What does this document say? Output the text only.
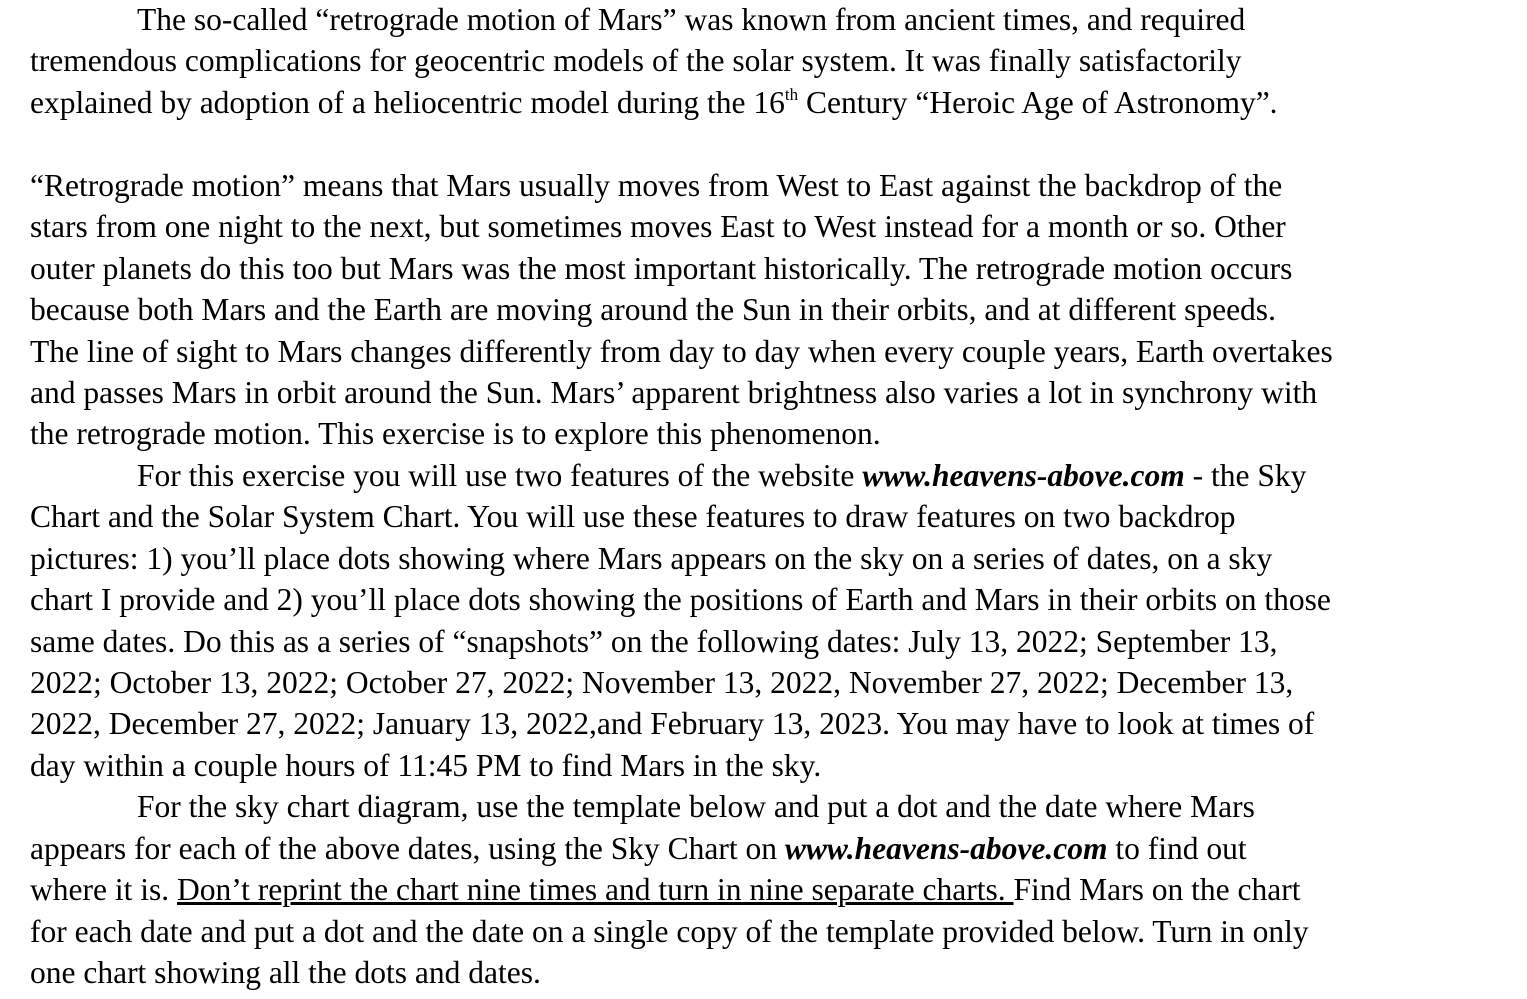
The so-called “retrograde motion of Mars” was known from ancient times, and required
tremendous complications for geocentric models of the solar system. It was finally satisfactorily
explained by adoption of a heliocentric model during the 16th Century “Heroic Age of Astronomy”.

“Retrograde motion” means that Mars usually moves from West to East against the backdrop of the
stars from one night to the next, but sometimes moves East to West instead for a month or so. Other
outer planets do this too but Mars was the most important historically. The retrograde motion occurs
because both Mars and the Earth are moving around the Sun in their orbits, and at different speeds.
The line of sight to Mars changes differently from day to day when every couple years, Earth overtakes
and passes Mars in orbit around the Sun. Mars’ apparent brightness also varies a lot in synchrony with
the retrograde motion. This exercise is to explore this phenomenon.
For this exercise you will use two features of the website www.heavens-above.com - the Sky
Chart and the Solar System Chart. You will use these features to draw features on two backdrop
pictures: 1) you’ll place dots showing where Mars appears on the sky on a series of dates, on a sky
chart I provide and 2) you’ll place dots showing the positions of Earth and Mars in their orbits on those
same dates. Do this as a series of “snapshots” on the following dates: July 13, 2022; September 13,
2022; October 13, 2022; October 27, 2022; November 13, 2022, November 27, 2022; December 13,
2022, December 27, 2022; January 13, 2022,and February 13, 2023. You may have to look at times of
day within a couple hours of 11:45 PM to find Mars in the sky.
For the sky chart diagram, use the template below and put a dot and the date where Mars
appears for each of the above dates, using the Sky Chart on www.heavens-above.com to find out
where it is. Don’t reprint the chart nine times and turn in nine separate charts. Find Mars on the chart
for each date and put a dot and the date on a single copy of the template provided below. Turn in only
one chart showing all the dots and dates.
